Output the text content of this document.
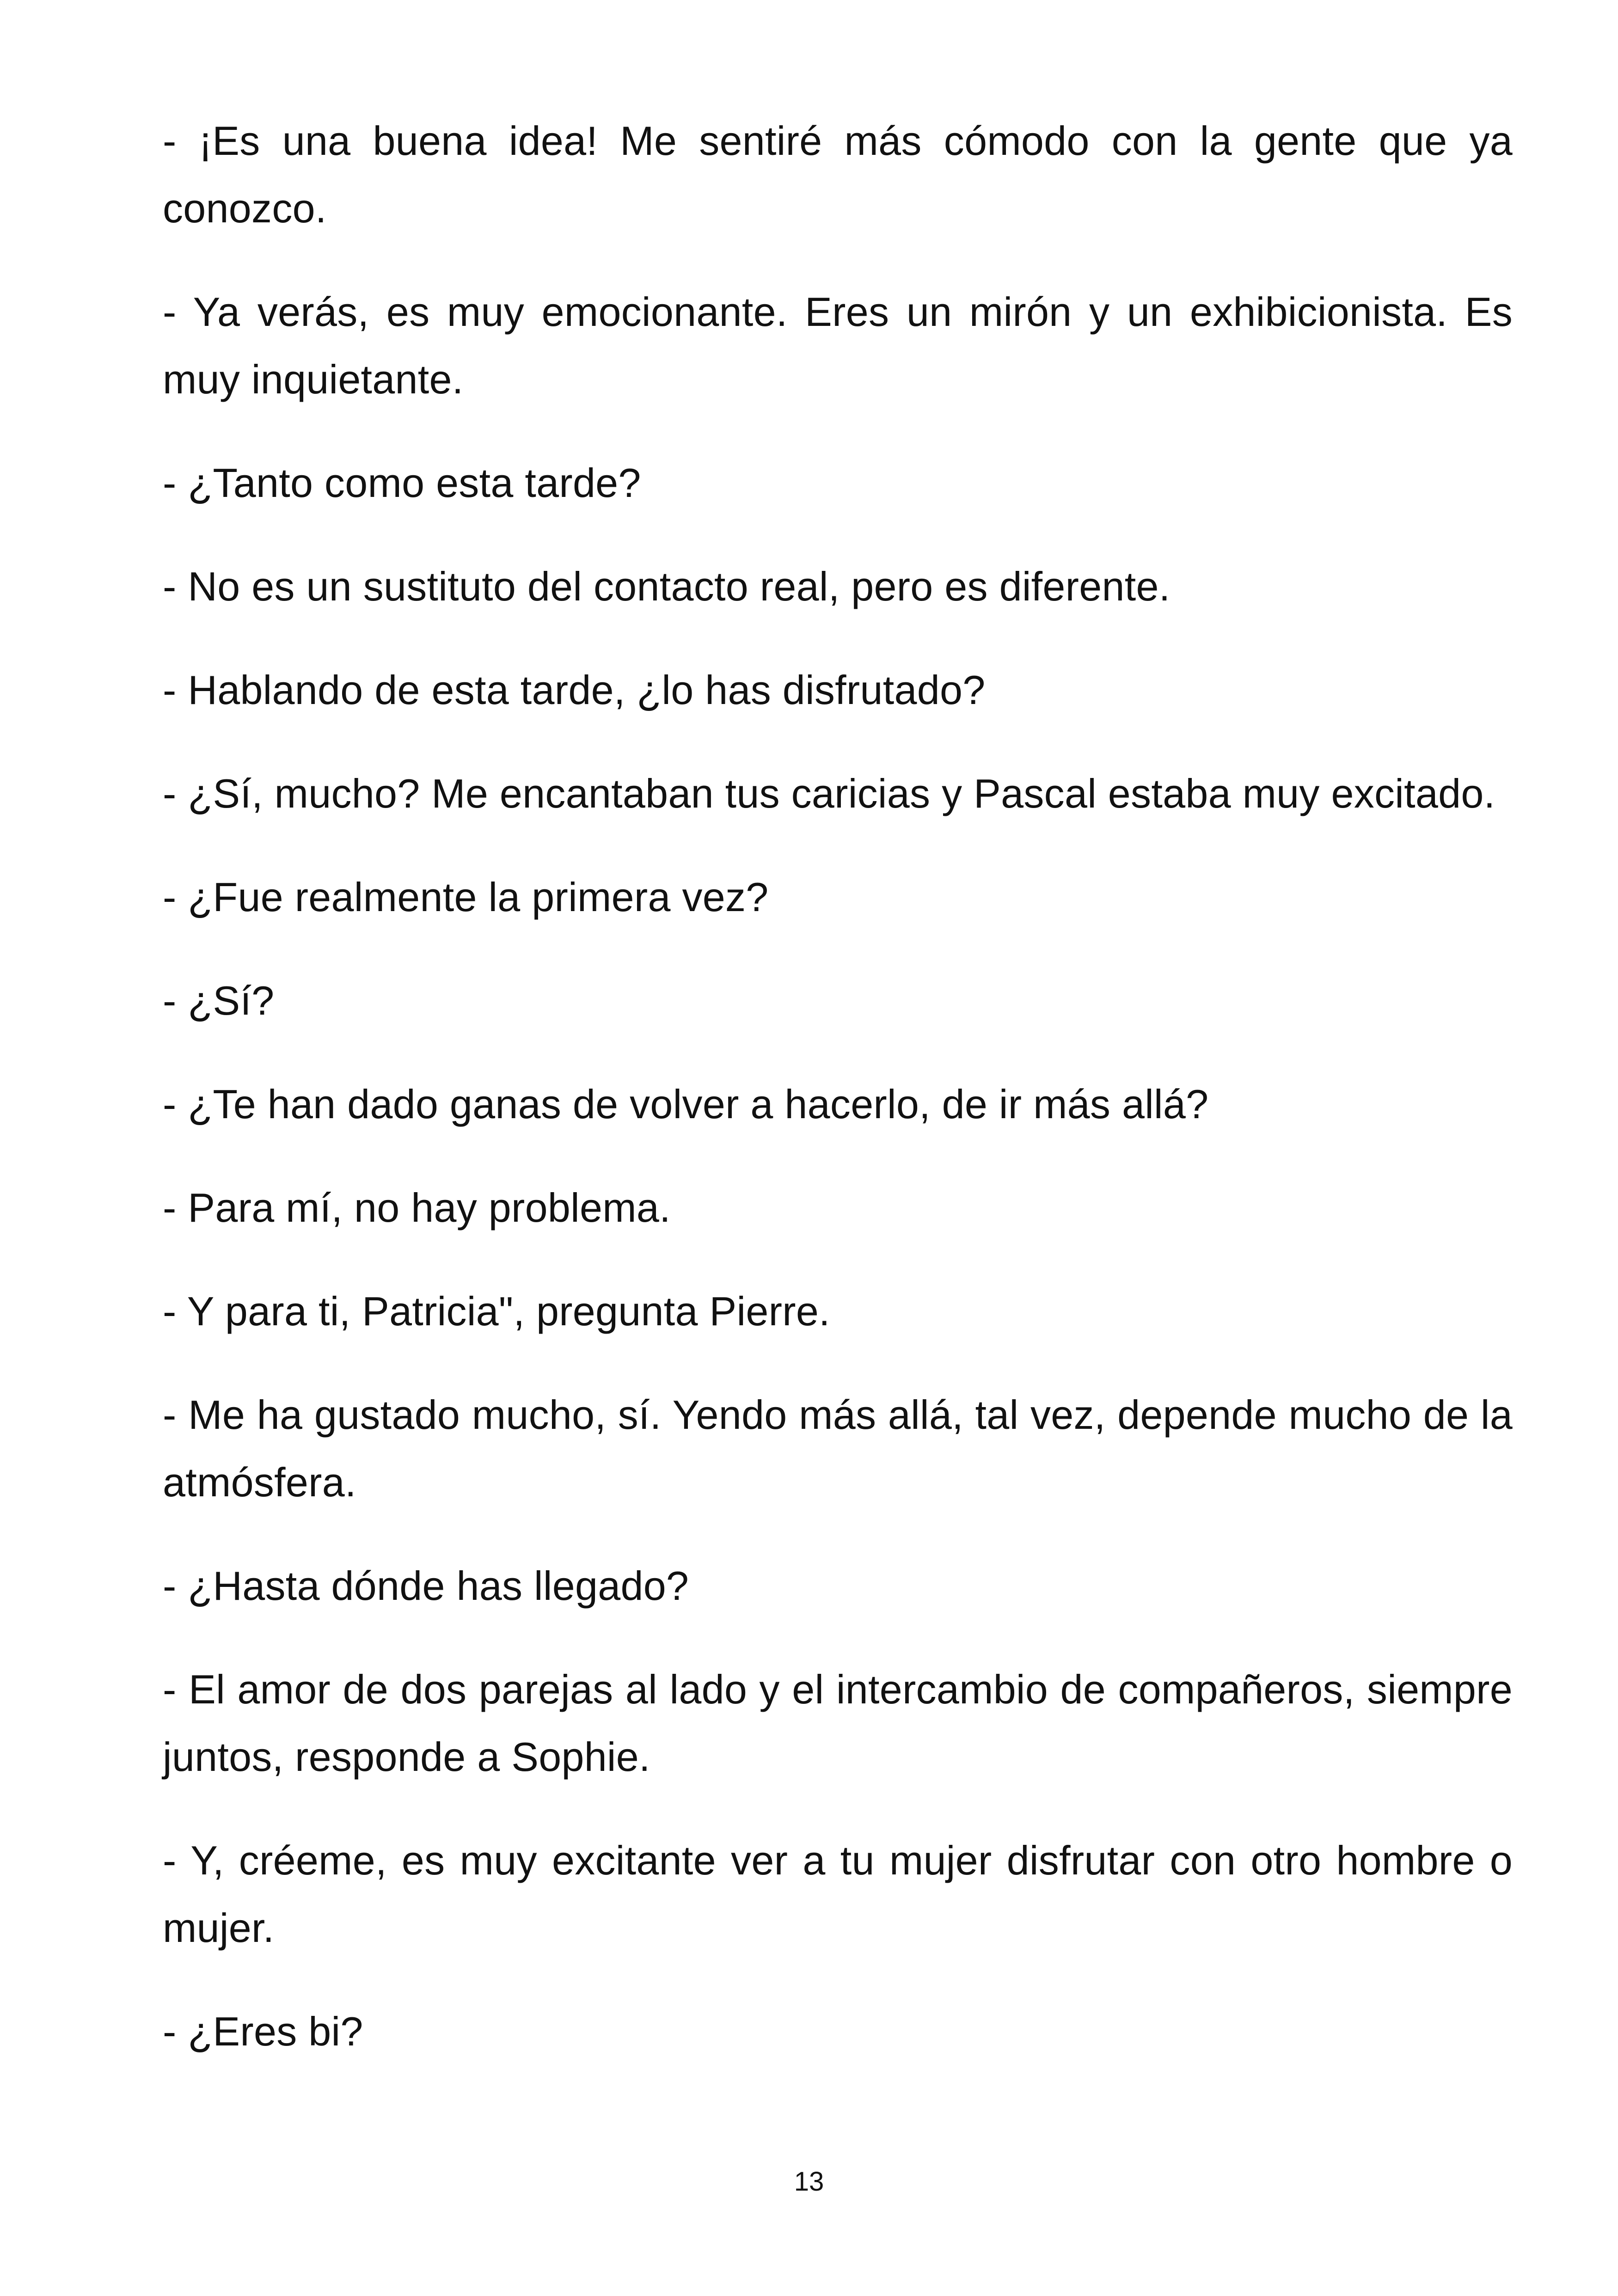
- ¡Es una buena idea! Me sentiré más cómodo con la gente que ya conozco.

- Ya verás, es muy emocionante. Eres un mirón y un exhibicionista. Es muy inquietante.

- ¿Tanto como esta tarde?

- No es un sustituto del contacto real, pero es diferente.

- Hablando de esta tarde, ¿lo has disfrutado?

- ¿Sí, mucho? Me encantaban tus caricias y Pascal estaba muy excitado.

- ¿Fue realmente la primera vez?

- ¿Sí?

- ¿Te han dado ganas de volver a hacerlo, de ir más allá?

- Para mí, no hay problema.

- Y para ti, Patricia", pregunta Pierre.

- Me ha gustado mucho, sí. Yendo más allá, tal vez, depende mucho de la atmósfera.

- ¿Hasta dónde has llegado?

- El amor de dos parejas al lado y el intercambio de compañeros, siempre juntos, responde a Sophie.

- Y, créeme, es muy excitante ver a tu mujer disfrutar con otro hombre o mujer.

- ¿Eres bi?

13
